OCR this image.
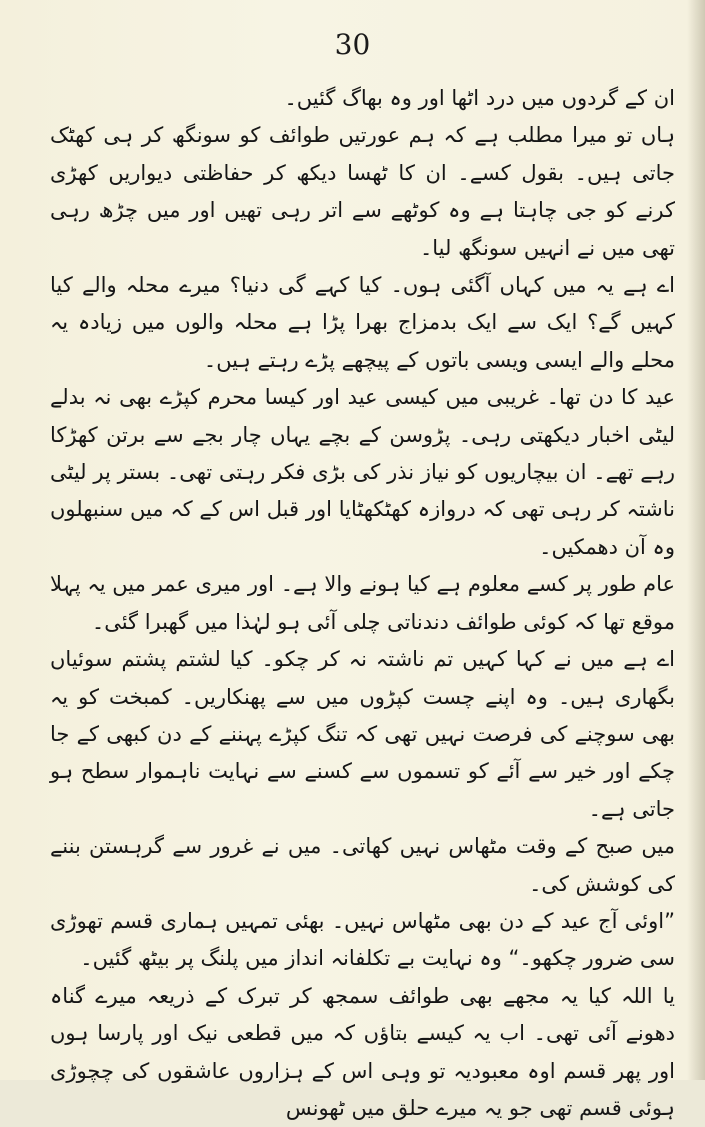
30

ان کے گردوں میں درد اٹھا اور وہ بھاگ گئیں۔

ہاں تو میرا مطلب ہے کہ ہم عورتیں طوائف کو سونگھ کر ہی کھٹک جاتی ہیں۔ بقول کسے۔ ان کا ٹھسا دیکھ کر حفاظتی دیواریں کھڑی کرنے کو جی چاہتا ہے وہ کوٹھے سے اتر رہی تھیں اور میں چڑھ رہی تھی میں نے انہیں سونگھ لیا۔

اے ہے یہ میں کہاں آگئی ہوں۔ کیا کہے گی دنیا؟ میرے محلہ والے کیا کہیں گے؟ ایک سے ایک بدمزاج بھرا پڑا ہے محلہ والوں میں زیادہ یہ محلے والے ایسی ویسی باتوں کے پیچھے پڑے رہتے ہیں۔

عید کا دن تھا۔ غریبی میں کیسی عید اور کیسا محرم کپڑے بھی نہ بدلے لیٹی اخبار دیکھتی رہی۔ پڑوسن کے بچے یہاں چار بجے سے برتن کھڑکا رہے تھے۔ ان بیچاریوں کو نیاز نذر کی بڑی فکر رہتی تھی۔ بستر پر لیٹی ناشتہ کر رہی تھی کہ دروازہ کھٹکھٹایا اور قبل اس کے کہ میں سنبھلوں وہ آن دھمکیں۔

عام طور پر کسے معلوم ہے کیا ہونے والا ہے۔ اور میری عمر میں یہ پہلا موقع تھا کہ کوئی طوائف دندناتی چلی آئی ہو لہٰذا میں گھبرا گئی۔

اے ہے میں نے کہا کہیں تم ناشتہ نہ کر چکو۔ کیا لشتم پشتم سوئیاں بگھاری ہیں۔ وہ اپنے چست کپڑوں میں سے پھنکاریں۔ کمبخت کو یہ بھی سوچنے کی فرصت نہیں تھی کہ تنگ کپڑے پہننے کے دن کبھی کے جا چکے اور خیر سے آئے کو تسموں سے کسنے سے نہایت ناہموار سطح ہو جاتی ہے۔

میں صبح کے وقت مٹھاس نہیں کھاتی۔ میں نے غرور سے گرہستن بننے کی کوشش کی۔

”اوئی آج عید کے دن بھی مٹھاس نہیں۔ بھئی تمہیں ہماری قسم تھوڑی سی ضرور چکھو۔“ وہ نہایت بے تکلفانہ انداز میں پلنگ پر بیٹھ گئیں۔

یا اللہ کیا یہ مجھے بھی طوائف سمجھ کر تبرک کے ذریعہ میرے گناہ دھونے آئی تھی۔ اب یہ کیسے بتاؤں کہ میں قطعی نیک اور پارسا ہوں اور پھر قسم اوہ معبودیہ تو وہی اس کے ہزاروں عاشقوں کی چچوڑی ہوئی قسم تھی جو یہ میرے حلق میں ٹھونس
